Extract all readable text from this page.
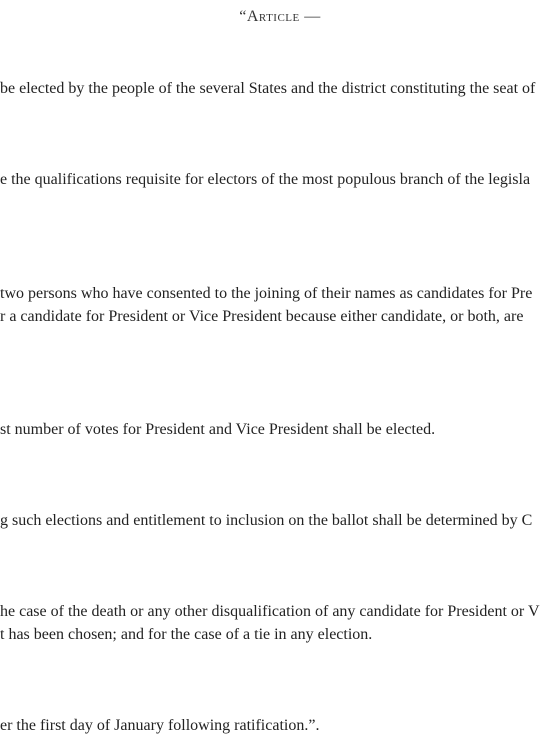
“Article —
be elected by the people of the several States and the district constituting the seat of
e the qualifications requisite for electors of the most populous branch of the legisla
two persons who have consented to the joining of their names as candidates for Pre
r a candidate for President or Vice President because either candidate, or both, are
st number of votes for President and Vice President shall be elected.
g such elections and entitlement to inclusion on the ballot shall be determined by C
he case of the death or any other disqualification of any candidate for President or V
t has been chosen; and for the case of a tie in any election.
er the first day of January following ratification.”.
